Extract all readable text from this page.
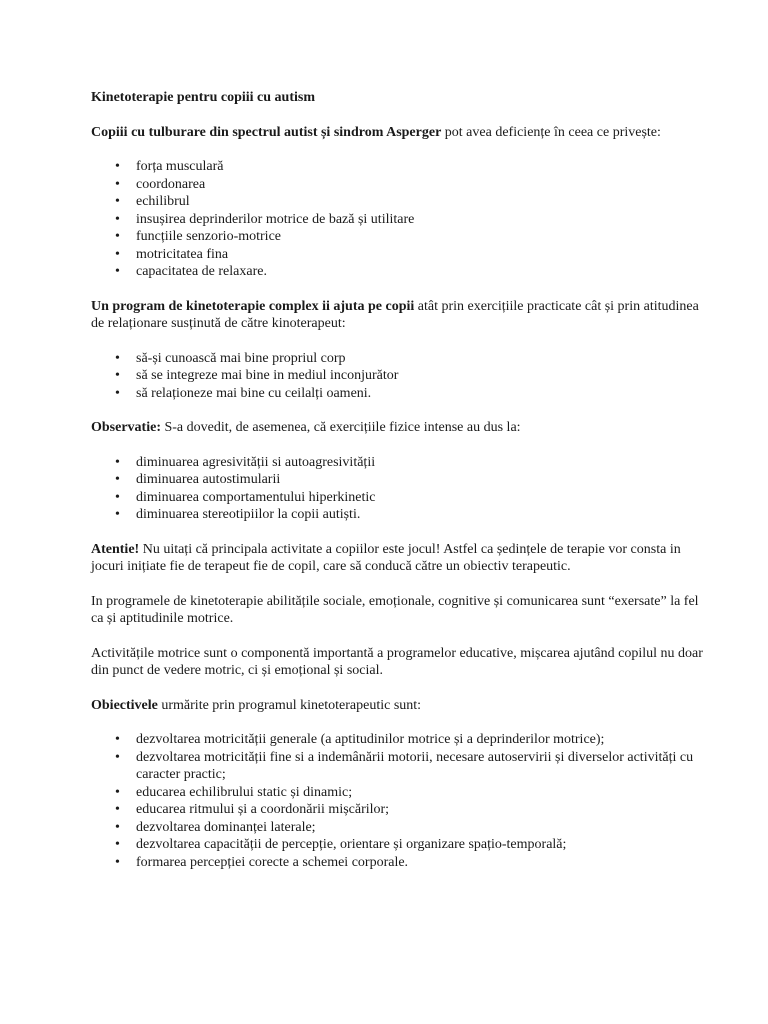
Kinetoterapie pentru copiii cu autism

Copiii cu tulburare din spectrul autist și sindrom Asperger pot avea deficiențe în ceea ce privește:

• forța musculară
• coordonarea
• echilibrul
• insușirea deprinderilor motrice de bază și utilitare
• funcțiile senzorio-motrice
• motricitatea fina
• capacitatea de relaxare.

Un program de kinetoterapie complex ii ajuta pe copii atât prin exercițiile practicate cât și prin atitudinea de relaționare susținută de către kinoterapeut:

• să-și cunoască mai bine propriul corp
• să se integreze mai bine in mediul inconjurător
• să relaționeze mai bine cu ceilalți oameni.

Observatie: S-a dovedit, de asemenea, că exercițiile fizice intense au dus la:

• diminuarea agresivității si autoagresivității
• diminuarea autostimularii
• diminuarea comportamentului hiperkinetic
• diminuarea stereotipiilor la copii autiști.

Atentie! Nu uitați că principala activitate a copiilor este jocul! Astfel ca ședințele de terapie vor consta in jocuri inițiate fie de terapeut fie de copil, care să conducă către un obiectiv terapeutic.

In programele de kinetoterapie abilitățile sociale, emoționale, cognitive și comunicarea sunt “exersate” la fel ca și aptitudinile motrice.

Activitățile motrice sunt o componentă importantă a programelor educative, mișcarea ajutând copilul nu doar din punct de vedere motric, ci și emoțional și social.

Obiectivele urmărite prin programul kinetoterapeutic sunt:

• dezvoltarea motricității generale (a aptitudinilor motrice și a deprinderilor motrice);
• dezvoltarea motricității fine si a indemânării motorii, necesare autoservirii și diverselor activități cu caracter practic;
• educarea echilibrului static și dinamic;
• educarea ritmului și a coordonării mișcărilor;
• dezvoltarea dominanței laterale;
• dezvoltarea capacității de percepție, orientare și organizare spațio-temporală;
• formarea percepției corecte a schemei corporale.
